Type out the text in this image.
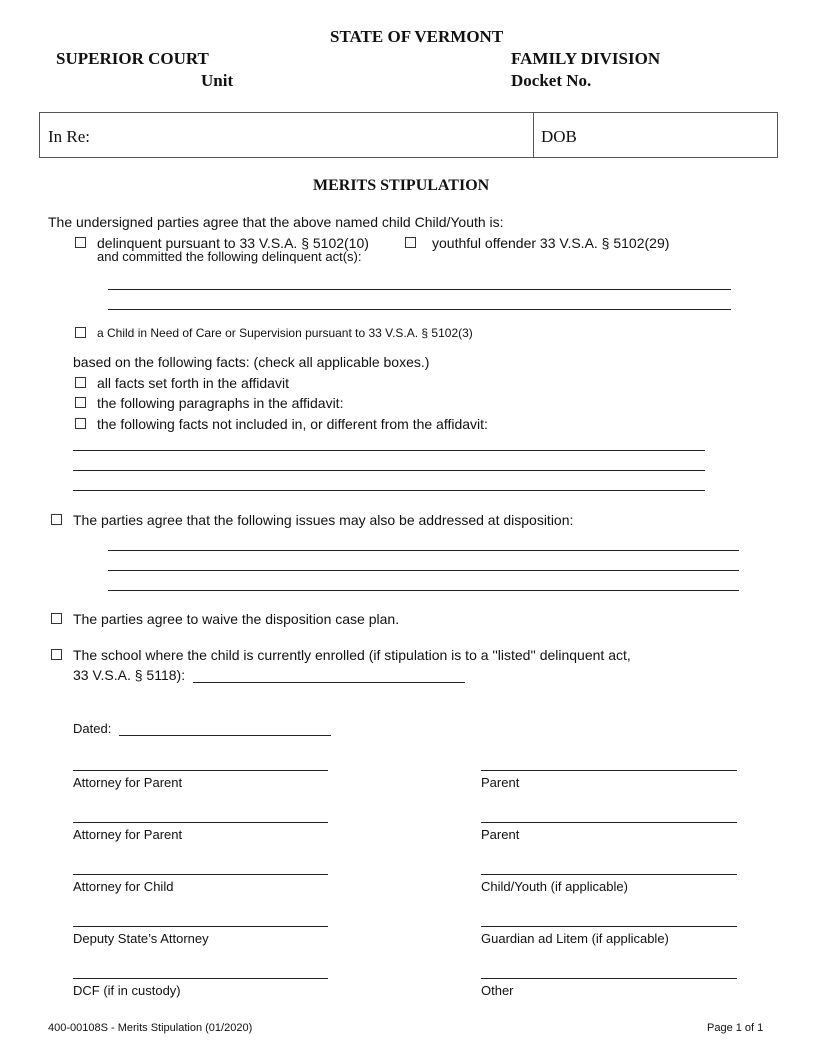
STATE OF VERMONT
SUPERIOR COURT
Unit
FAMILY DIVISION
Docket No.
In Re:	DOB
MERITS STIPULATION
The undersigned parties agree that the above named child Child/Youth is:
delinquent pursuant to 33 V.S.A. § 5102(10)	youthful offender 33 V.S.A. § 5102(29)
and committed the following delinquent act(s):
a Child in Need of Care or Supervision pursuant to 33 V.S.A. § 5102(3)
based on the following facts: (check all applicable boxes.)
all facts set forth in the affidavit
the following paragraphs in the affidavit:
the following facts not included in, or different from the affidavit:
The parties agree that the following issues may also be addressed at disposition:
The parties agree to waive the disposition case plan.
The school where the child is currently enrolled (if stipulation is to a ''listed'' delinquent act,
33 V.S.A. § 5118):
Dated:
Attorney for Parent	Parent
Attorney for Parent	Parent
Attorney for Child	Child/Youth (if applicable)
Deputy State’s Attorney	Guardian ad Litem (if applicable)
DCF (if in custody)	Other
400-00108S - Merits Stipulation (01/2020)	Page 1 of 1
